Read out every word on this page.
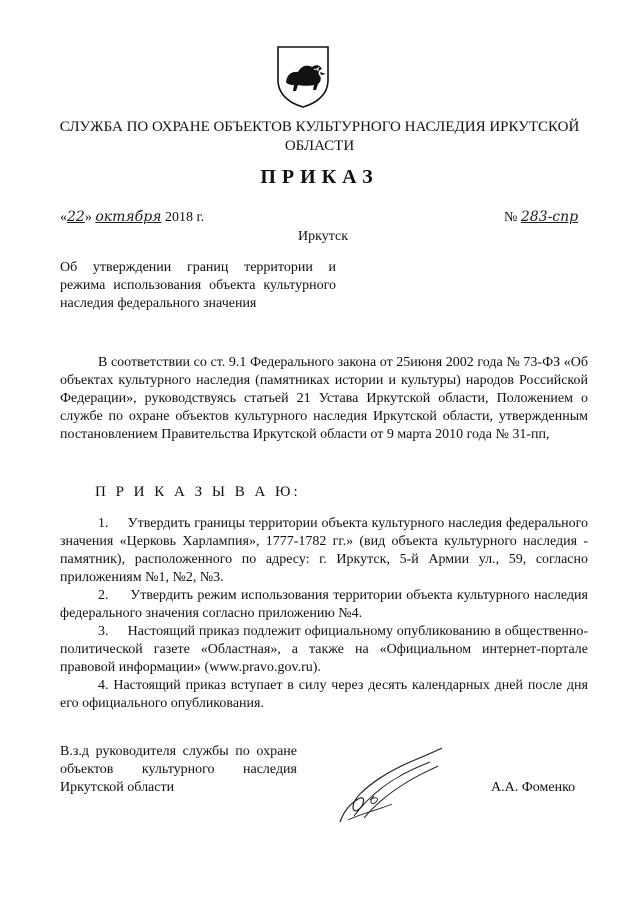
СЛУЖБА ПО ОХРАНЕ ОБЪЕКТОВ КУЛЬТУРНОГО НАСЛЕДИЯ ИРКУТСКОЙ
ОБЛАСТИ
ПРИКАЗ
«22» октября 2018 г.	№ 283-спр
Иркутск
Об утверждении границ территории и режима использования объекта культурного наследия федерального значения

В соответствии со ст. 9.1 Федерального закона от 25июня 2002 года № 73-ФЗ «Об объектах культурного наследия (памятниках истории и культуры) народов Российской Федерации», руководствуясь статьей 21 Устава Иркутской области, Положением о службе по охране объектов культурного наследия Иркутской области, утвержденным постановлением Правительства Иркутской области от 9 марта 2010 года № 31-пп,

П Р И К А З Ы В А Ю:

1.     Утвердить границы территории объекта культурного наследия федерального значения «Церковь Харлампия», 1777-1782 гг.» (вид объекта культурного наследия - памятник), расположенного по адресу: г. Иркутск, 5-й Армии ул., 59, согласно приложениям №1, №2, №3.

2.     Утвердить режим использования территории объекта культурного наследия федерального значения согласно приложению №4.

3.     Настоящий приказ подлежит официальному опубликованию в общественно-политической газете «Областная», а также на «Официальном интернет-портале правовой информации» (www.pravo.gov.ru).

4. Настоящий приказ вступает в силу через десять календарных дней после дня его официального опубликования.

В.з.д руководителя службы по охране объектов культурного наследия Иркутской области	А.А. Фоменко
